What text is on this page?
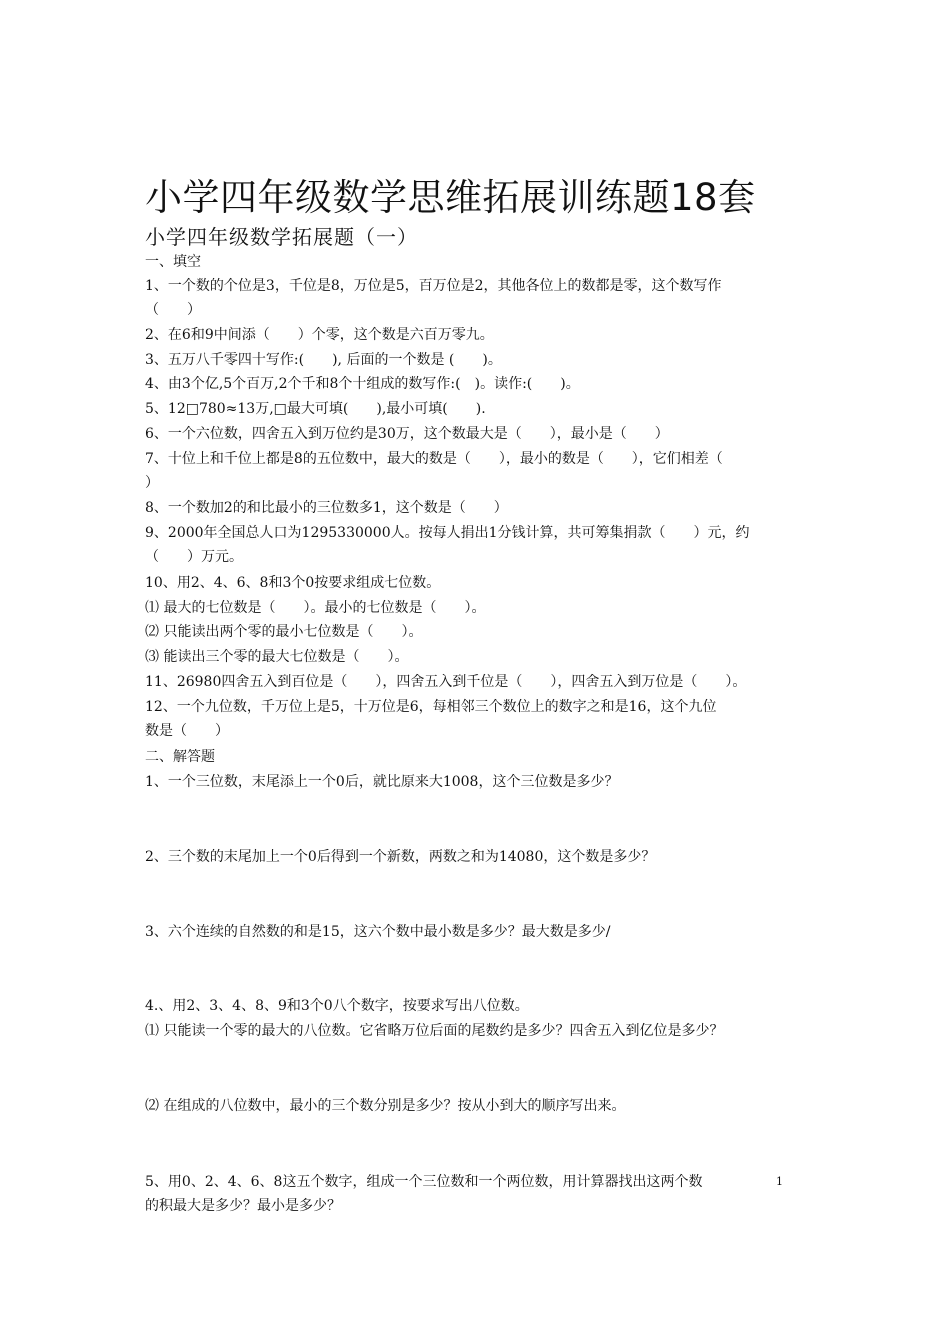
小学四年级数学思维拓展训练题18套
小学四年级数学拓展题（一）
一、填空
1、一个数的个位是3，千位是8，万位是5，百万位是2，其他各位上的数都是零，这个数写作
（　　）
2、在6和9中间添（　　）个零，这个数是六百万零九。
3、五万八千零四十写作:(　　), 后面的一个数是 (　　)。
4、由3个亿,5个百万,2个千和8个十组成的数写作:(　)。读作:(　　)。
5、12□780≈13万,□最大可填(　　),最小可填(　　).
6、一个六位数，四舍五入到万位约是30万，这个数最大是（　　），最小是（　　）
7、十位上和千位上都是8的五位数中，最大的数是（　　），最小的数是（　　），它们相差（
）
8、一个数加2的和比最小的三位数多1，这个数是（　　）
9、2000年全国总人口为1295330000人。按每人捐出1分钱计算，共可筹集捐款（　　）元，约
（　　）万元。
10、用2、4、6、8和3个0按要求组成七位数。
⑴ 最大的七位数是（　　）。最小的七位数是（　　）。
⑵ 只能读出两个零的最小七位数是（　　）。
⑶ 能读出三个零的最大七位数是（　　）。
11、26980四舍五入到百位是（　　），四舍五入到千位是（　　），四舍五入到万位是（　　）。
12、一个九位数，千万位上是5，十万位是6，每相邻三个数位上的数字之和是16，这个九位
数是（　　）
二、解答题
1、一个三位数，末尾添上一个0后，就比原来大1008，这个三位数是多少？
2、三个数的末尾加上一个0后得到一个新数，两数之和为14080，这个数是多少？
3、六个连续的自然数的和是15，这六个数中最小数是多少？最大数是多少/
4.、用2、3、4、8、9和3个0八个数字，按要求写出八位数。
⑴ 只能读一个零的最大的八位数。它省略万位后面的尾数约是多少？四舍五入到亿位是多少？
⑵ 在组成的八位数中，最小的三个数分别是多少？按从小到大的顺序写出来。
5、用0、2、4、6、8这五个数字，组成一个三位数和一个两位数，用计算器找出这两个数
的积最大是多少？最小是多少？
1
